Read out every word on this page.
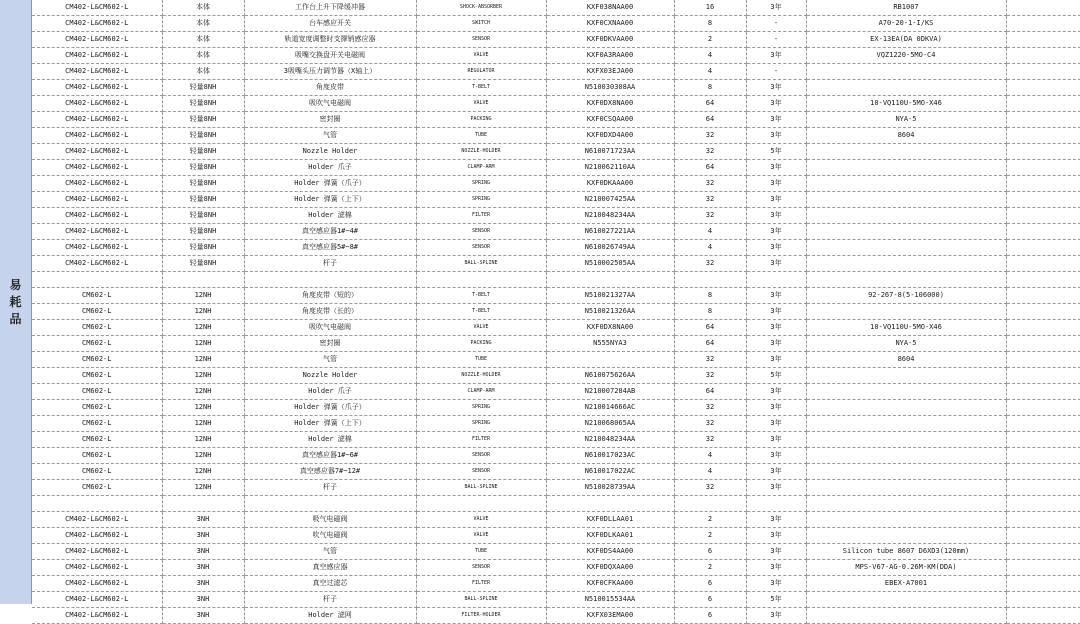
易
耗
品
CM402-L&CM602-L	本体	工作台上升下降缓冲器	SHOCK-ABSORBER	KXF038NAA00	16	3年	RB1007	
CM402-L&CM602-L	本体	台车感应开关	SWITCH	KXF0CXNAA00	8	-	A70-20-1-I/KS	
CM402-L&CM602-L	本体	轨道宽度调整时支撑销感应器	SENSOR	KXF0DKVAA00	2	-	EX-13EA(DA 0DKVA)	
CM402-L&CM602-L	本体	吸嘴交换盘开关电磁阀	VALVE	KXF0A3RAA00	4	3年	VQZ1220-5MO-C4	
CM402-L&CM602-L	本体	3吸嘴头压力调节器（X轴上）	REGULATOR	KXFX03EJA00	4	-		
CM402-L&CM602-L	轻量8NH	角度皮带	T-BELT	N510030308AA	8	3年		
CM402-L&CM602-L	轻量8NH	吸吹气电磁阀	VALVE	KXF0DX8NA00	64	3年	10-VQ110U-5MO-X46	
CM402-L&CM602-L	轻量8NH	密封圈	PACKING	KXF0CSQAA00	64	3年	NYA-5	
CM402-L&CM602-L	轻量8NH	气管	TUBE	KXF0DXD4A00	32	3年	8604	
CM402-L&CM602-L	轻量8NH	Nozzle Holder	NOZZLE-HOLDER	N610071723AA	32	5年		
CM402-L&CM602-L	轻量8NH	Holder 爪子	CLAMP-ARM	N210062110AA	64	3年		
CM402-L&CM602-L	轻量8NH	Holder 弹簧（爪子）	SPRING	KXF0DKAAA00	32	3年		
CM402-L&CM602-L	轻量8NH	Holder 弹簧（上下）	SPRING	N210007425AA	32	3年		
CM402-L&CM602-L	轻量8NH	Holder 滤棉	FILTER	N210048234AA	32	3年		
CM402-L&CM602-L	轻量8NH	真空感应器1#~4#	SENSOR	N610027221AA	4	3年		
CM402-L&CM602-L	轻量8NH	真空感应器5#~8#	SENSOR	N610026749AA	4	3年		
CM402-L&CM602-L	轻量8NH	杆子	BALL-SPLINE	N510002505AA	32	3年		

CM602-L	12NH	角度皮带（短的）	T-BELT	N510021327AA	8	3年	92-267-8(5-106000)	
CM602-L	12NH	角度皮带（长的）	T-BELT	N510021326AA	8	3年		
CM602-L	12NH	吸吹气电磁阀	VALVE	KXF0DX8NA00	64	3年	10-VQ110U-5MO-X46	
CM602-L	12NH	密封圈	PACKING	N555NYA3	64	3年	NYA-5	
CM602-L	12NH	气管	TUBE		32	3年	8604	
CM602-L	12NH	Nozzle Holder	NOZZLE-HOLDER	N610075626AA	32	5年		
CM602-L	12NH	Holder 爪子	CLAMP-ARM	N210007284AB	64	3年		
CM602-L	12NH	Holder 弹簧（爪子）	SPRING	N210014666AC	32	3年		
CM602-L	12NH	Holder 弹簧（上下）	SPRING	N210068065AA	32	3年		
CM602-L	12NH	Holder 滤棉	FILTER	N210048234AA	32	3年		
CM602-L	12NH	真空感应器1#~6#	SENSOR	N610017023AC	4	3年		
CM602-L	12NH	真空感应器7#~12#	SENSOR	N610017022AC	4	3年		
CM602-L	12NH	杆子	BALL-SPLINE	N510028739AA	32	3年		

CM402-L&CM602-L	3NH	吸气电磁阀	VALVE	KXF0DLLAA01	2	3年		
CM402-L&CM602-L	3NH	吹气电磁阀	VALVE	KXF0DLKAA01	2	3年		
CM402-L&CM602-L	3NH	气管	TUBE	KXF0DS4AA00	6	3年	Silicon tube 8607 D6XD3(120mm)	
CM402-L&CM602-L	3NH	真空感应器	SENSOR	KXF0DQXAA00	2	3年	MPS-V67-AG-0.26M-KM(DDA)	
CM402-L&CM602-L	3NH	真空过滤芯	FILTER	KXF0CFKAA00	6	3年	EBEX-A7001	
CM402-L&CM602-L	3NH	杆子	BALL-SPLINE	N510015534AA	6	5年		
CM402-L&CM602-L	3NH	Holder 滤网	FILTER-HOLDER	KXFX03EMA00	6	3年		
